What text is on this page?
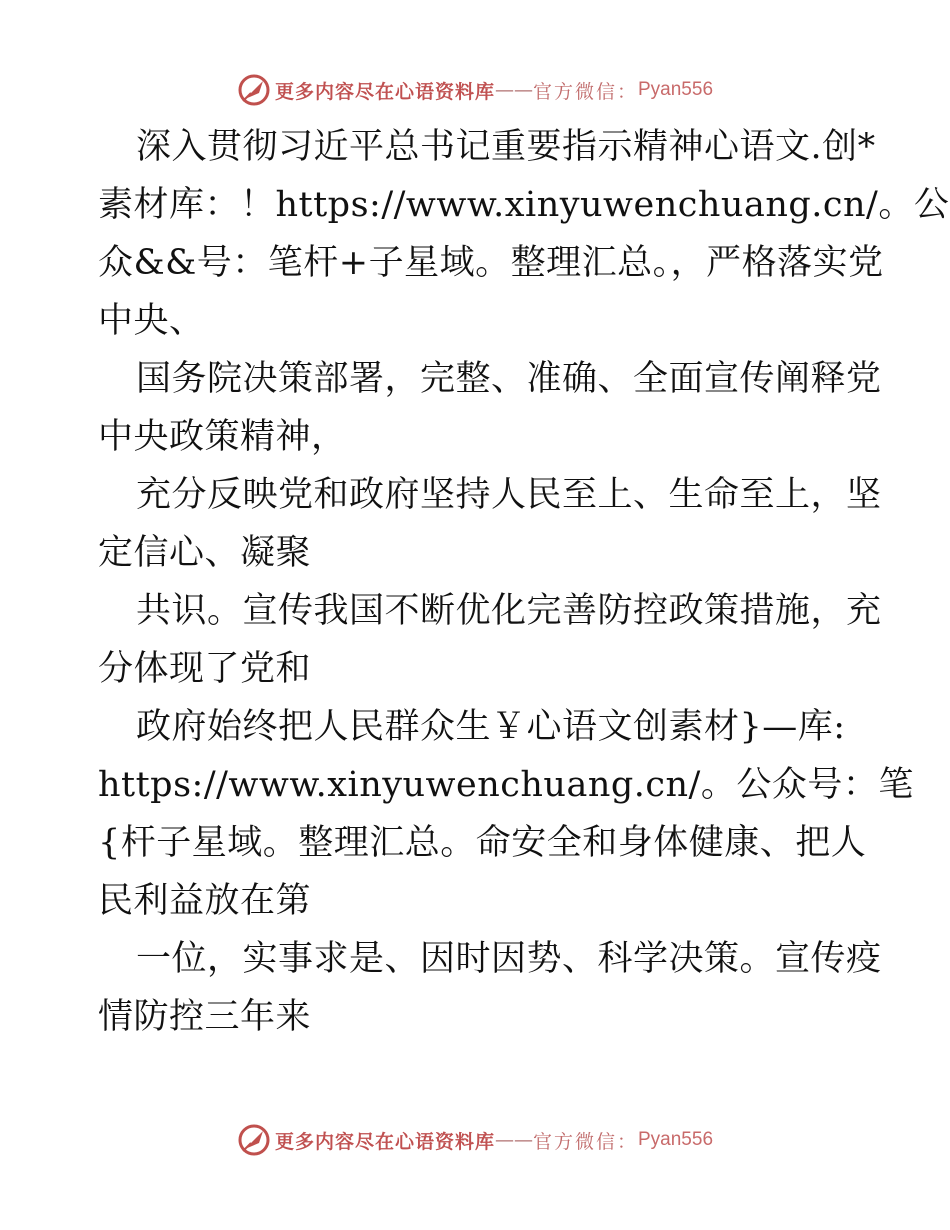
更多内容尽在心语资料库 —— 官方微信： Pyan556
深入贯彻习近平总书记重要指示精神心语文.创*
素材库：！https://www.xinyuwenchuang.cn/。公
众&&号：笔杆+子星域。整理汇总。，严格落实党
中央、
国务院决策部署，完整、准确、全面宣传阐释党
中央政策精神，
充分反映党和政府坚持人民至上、生命至上，坚
定信心、凝聚
共识。宣传我国不断优化完善防控政策措施，充
分体现了党和
政府始终把人民群众生￥心语文创素材}—库:
https://www.xinyuwenchuang.cn/。公众号：笔
{杆子星域。整理汇总。命安全和身体健康、把人
民利益放在第
一位，实事求是、因时因势、科学决策。宣传疫
情防控三年来
更多内容尽在心语资料库 —— 官方微信： Pyan556
